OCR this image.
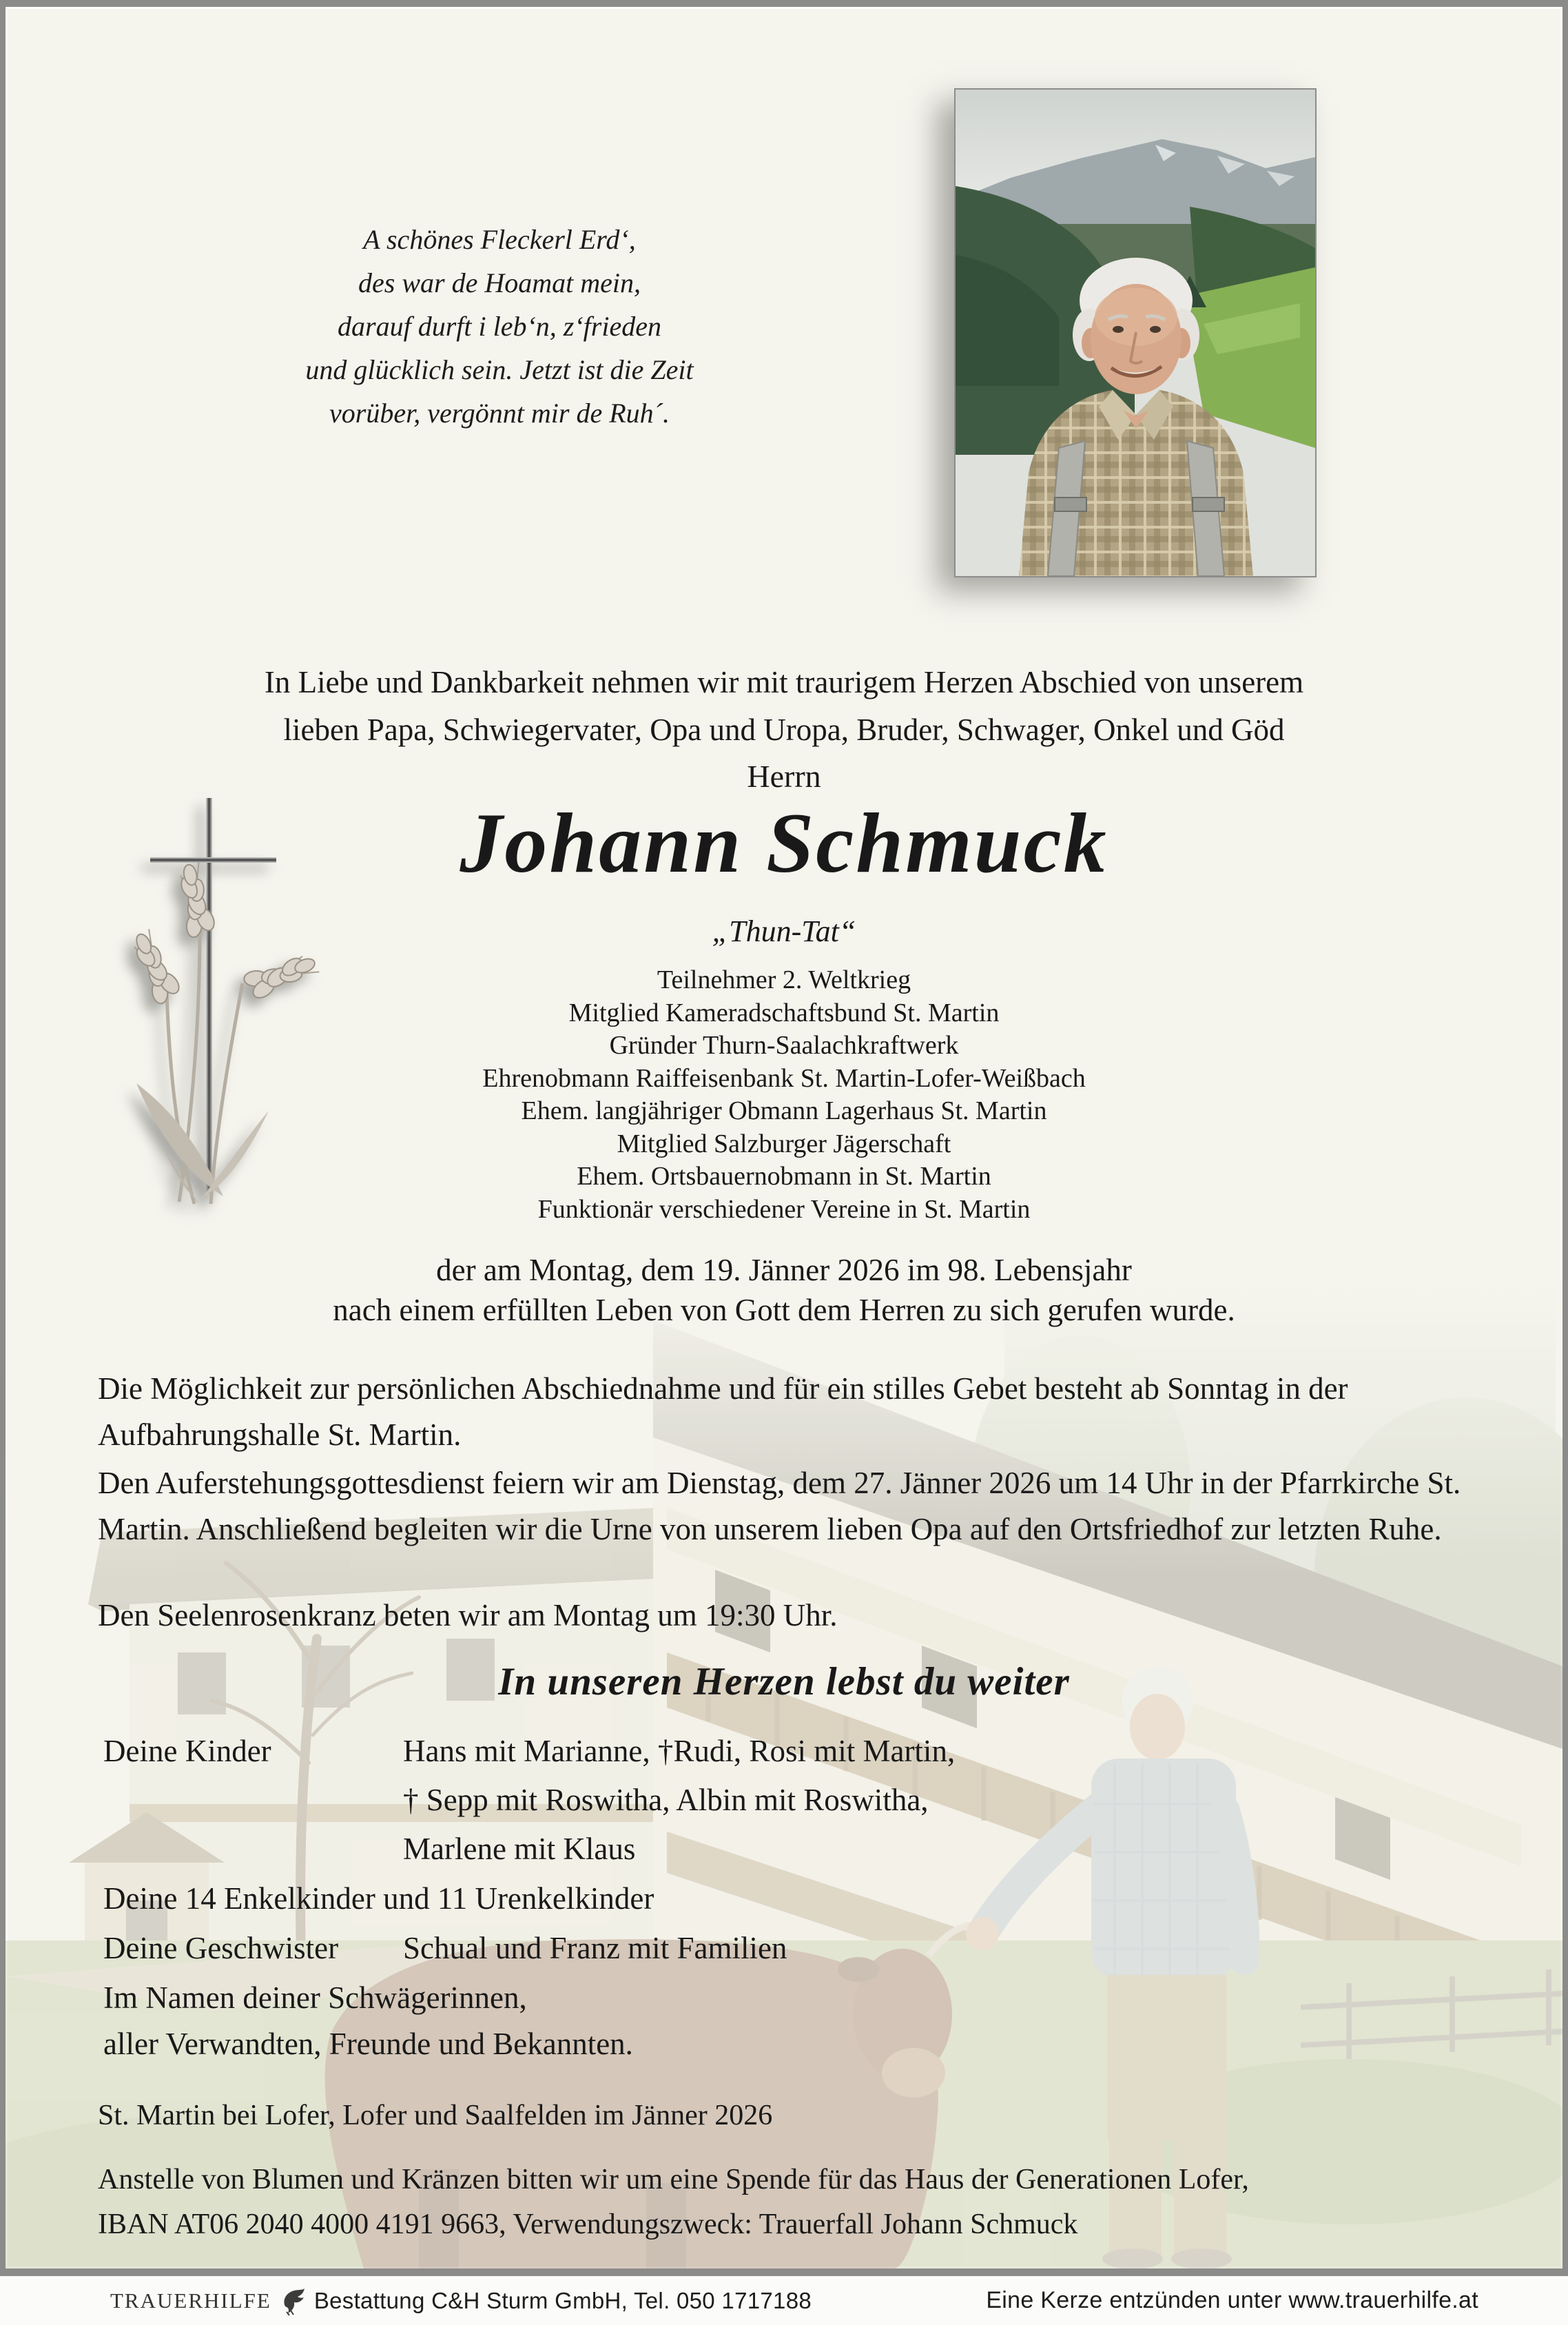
A schönes Fleckerl Erd‘,
des war de Hoamat mein,
darauf durft i leb‘n, z‘frieden
und glücklich sein. Jetzt ist die Zeit
vorüber, vergönnt mir de Ruh´.
In Liebe und Dankbarkeit nehmen wir mit traurigem Herzen Abschied von unserem
lieben Papa, Schwiegervater, Opa und Uropa, Bruder, Schwager, Onkel und Göd
Herrn
Johann Schmuck
„Thun-Tat“
Teilnehmer 2. Weltkrieg
Mitglied Kameradschaftsbund St. Martin
Gründer Thurn-Saalachkraftwerk
Ehrenobmann Raiffeisenbank St. Martin-Lofer-Weißbach
Ehem. langjähriger Obmann Lagerhaus St. Martin
Mitglied Salzburger Jägerschaft
Ehem. Ortsbauernobmann in St. Martin
Funktionär verschiedener Vereine in St. Martin
der am Montag, dem 19. Jänner 2026 im 98. Lebensjahr
nach einem erfüllten Leben von Gott dem Herren zu sich gerufen wurde.
Die Möglichkeit zur persönlichen Abschiednahme und für ein stilles Gebet besteht ab Sonntag in der Aufbahrungshalle St. Martin.
Den Auferstehungsgottesdienst feiern wir am Dienstag, dem 27. Jänner 2026 um 14 Uhr in der Pfarrkirche St. Martin. Anschließend begleiten wir die Urne von unserem lieben Opa auf den Ortsfriedhof zur letzten Ruhe.
Den Seelenrosenkranz beten wir am Montag um 19:30 Uhr.
In unseren Herzen lebst du weiter
Deine Kinder	Hans mit Marianne, †Rudi, Rosi mit Martin,
† Sepp mit Roswitha, Albin mit Roswitha,
Marlene mit Klaus
Deine 14 Enkelkinder und 11 Urenkelkinder
Deine Geschwister Schual und Franz mit Familien
Im Namen deiner Schwägerinnen,
aller Verwandten, Freunde und Bekannten.
St. Martin bei Lofer, Lofer und Saalfelden im Jänner 2026
Anstelle von Blumen und Kränzen bitten wir um eine Spende für das Haus der Generationen Lofer,
IBAN AT06 2040 4000 4191 9663, Verwendungszweck: Trauerfall Johann Schmuck
TRAUERHILFE Bestattung C&H Sturm GmbH, Tel. 050 1717188	Eine Kerze entzünden unter www.trauerhilfe.at
